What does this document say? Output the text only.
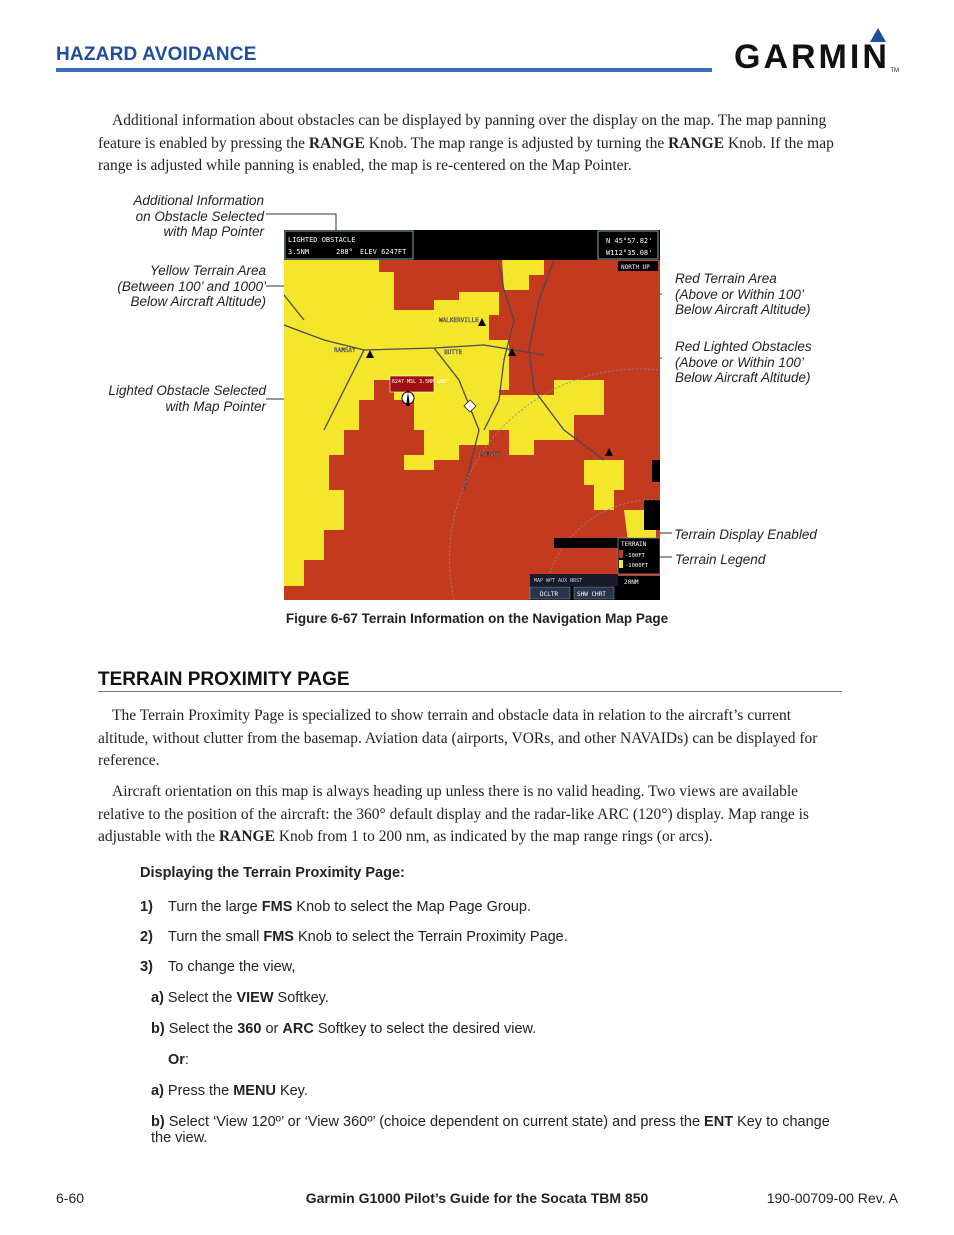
HAZARD AVOIDANCE	GARMIN TM
Additional information about obstacles can be displayed by panning over the display on the map. The map panning feature is enabled by pressing the RANGE Knob. The map range is adjusted by turning the RANGE Knob. If the map range is adjusted while panning is enabled, the map is re-centered on the Map Pointer.
Additional Information
on Obstacle Selected
with Map Pointer
Yellow Terrain Area
(Between 100’ and 1000’
Below Aircraft Altitude)
Lighted Obstacle Selected
with Map Pointer
Red Terrain Area
(Above or Within 100’
Below Aircraft Altitude)
Red Lighted Obstacles
(Above or Within 100’
Below Aircraft Altitude)
Terrain Display Enabled
Terrain Legend
LIGHTED OBSTACLE
3.5NM	288° ELEV 6247FT
N 45°57.82'
W112°35.08'
NORTH UP
WALKERVILLE
BUTTE
RAMSAY
RAMSAY
6247 MSL 3.5NM 288°
TERRAIN
-100FT
-1000FT
20NM
MAP WPT AUX NRST
DCLTR	SHW CHRT
Figure 6-67 Terrain Information on the Navigation Map Page
TERRAIN PROXIMITY PAGE
The Terrain Proximity Page is specialized to show terrain and obstacle data in relation to the aircraft’s current altitude, without clutter from the basemap. Aviation data (airports, VORs, and other NAVAIDs) can be displayed for reference.
Aircraft orientation on this map is always heading up unless there is no valid heading. Two views are available relative to the position of the aircraft: the 360° default display and the radar-like ARC (120°) display. Map range is adjustable with the RANGE Knob from 1 to 200 nm, as indicated by the map range rings (or arcs).
Displaying the Terrain Proximity Page:
1) Turn the large FMS Knob to select the Map Page Group.
2) Turn the small FMS Knob to select the Terrain Proximity Page.
3) To change the view,
a) Select the VIEW Softkey.
b) Select the 360 or ARC Softkey to select the desired view.
Or:
a) Press the MENU Key.
b) Select ‘View 120º’ or ‘View 360º’ (choice dependent on current state) and press the ENT Key to change the view.
6-60	Garmin G1000 Pilot’s Guide for the Socata TBM 850	190-00709-00 Rev. A
